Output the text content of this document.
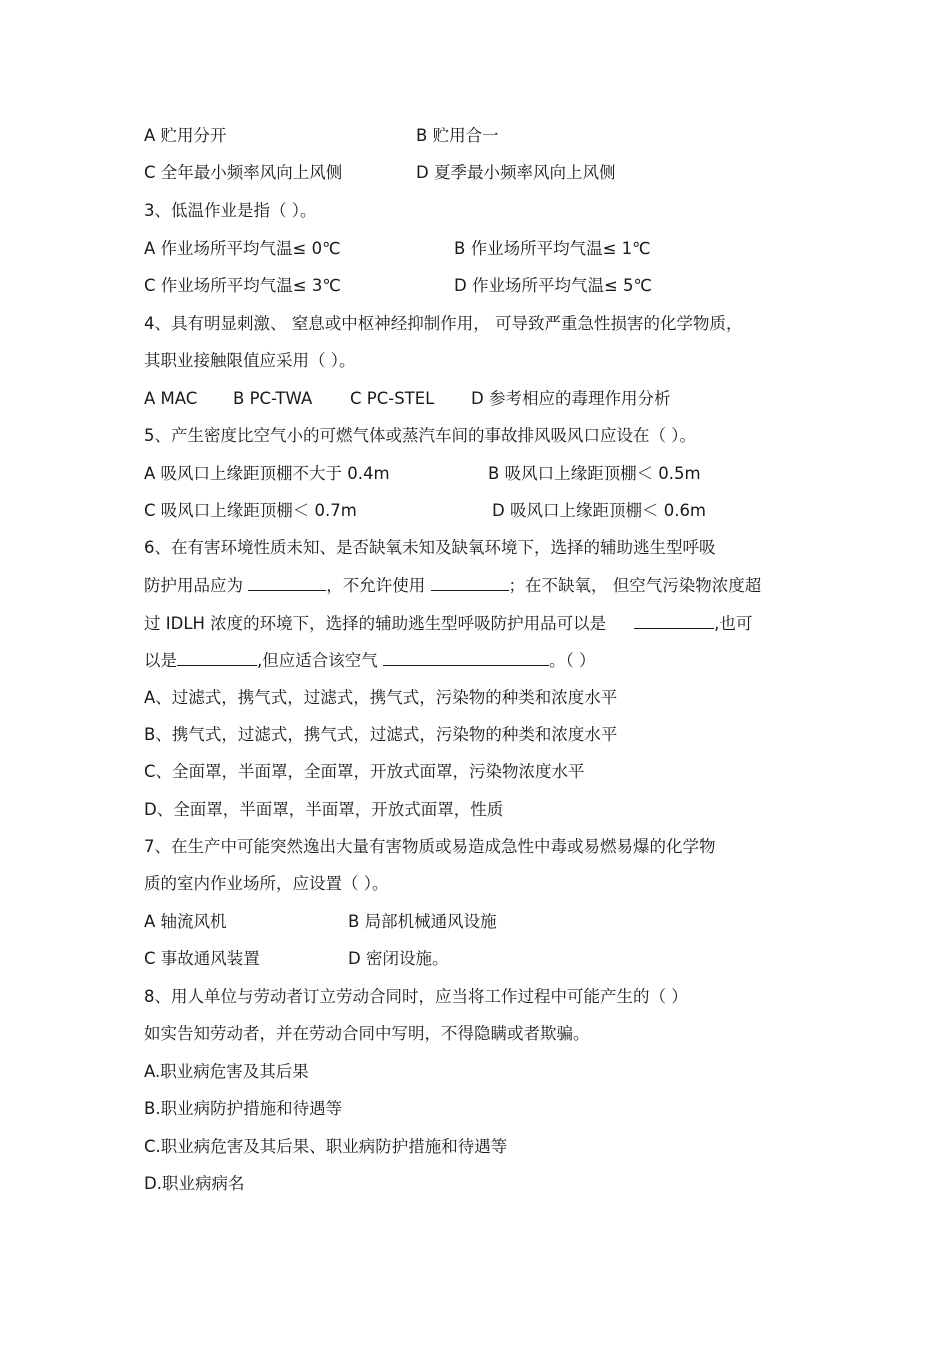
A 贮用分开	B 贮用合一
C 全年最小频率风向上风侧	D 夏季最小频率风向上风侧
3、低温作业是指（ ）。
A 作业场所平均气温≤ 0℃	B 作业场所平均气温≤ 1℃
C 作业场所平均气温≤ 3℃	D 作业场所平均气温≤ 5℃
4、具有明显刺激、 窒息或中枢神经抑制作用， 可导致严重急性损害的化学物质，
其职业接触限值应采用（ ）。
A MAC B PC-TWA C PC-STEL D 参考相应的毒理作用分析
5、产生密度比空气小的可燃气体或蒸汽车间的事故排风吸风口应设在（ ）。
A 吸风口上缘距顶棚不大于 0.4m	B 吸风口上缘距顶棚＜ 0.5m
C 吸风口上缘距顶棚＜ 0.7m	D 吸风口上缘距顶棚＜ 0.6m
6、在有害环境性质未知、是否缺氧未知及缺氧环境下，选择的辅助逃生型呼吸
防护用品应为	，不允许使用	；在不缺氧， 但空气污染物浓度超
过 IDLH 浓度的环境下，选择的辅助逃生型呼吸防护用品可以是	,也可
以是	,但应适合该空气	。（ ）
A、过滤式，携气式，过滤式，携气式，污染物的种类和浓度水平
B、携气式，过滤式，携气式，过滤式，污染物的种类和浓度水平
C、全面罩，半面罩，全面罩，开放式面罩，污染物浓度水平
D、全面罩，半面罩，半面罩，开放式面罩，性质
7、在生产中可能突然逸出大量有害物质或易造成急性中毒或易燃易爆的化学物
质的室内作业场所，应设置（ ）。
A 轴流风机	B 局部机械通风设施
C 事故通风装置	D 密闭设施。
8、用人单位与劳动者订立劳动合同时，应当将工作过程中可能产生的（ ）
如实告知劳动者，并在劳动合同中写明，不得隐瞒或者欺骗。
A.职业病危害及其后果
B.职业病防护措施和待遇等
C.职业病危害及其后果、职业病防护措施和待遇等
D.职业病病名
